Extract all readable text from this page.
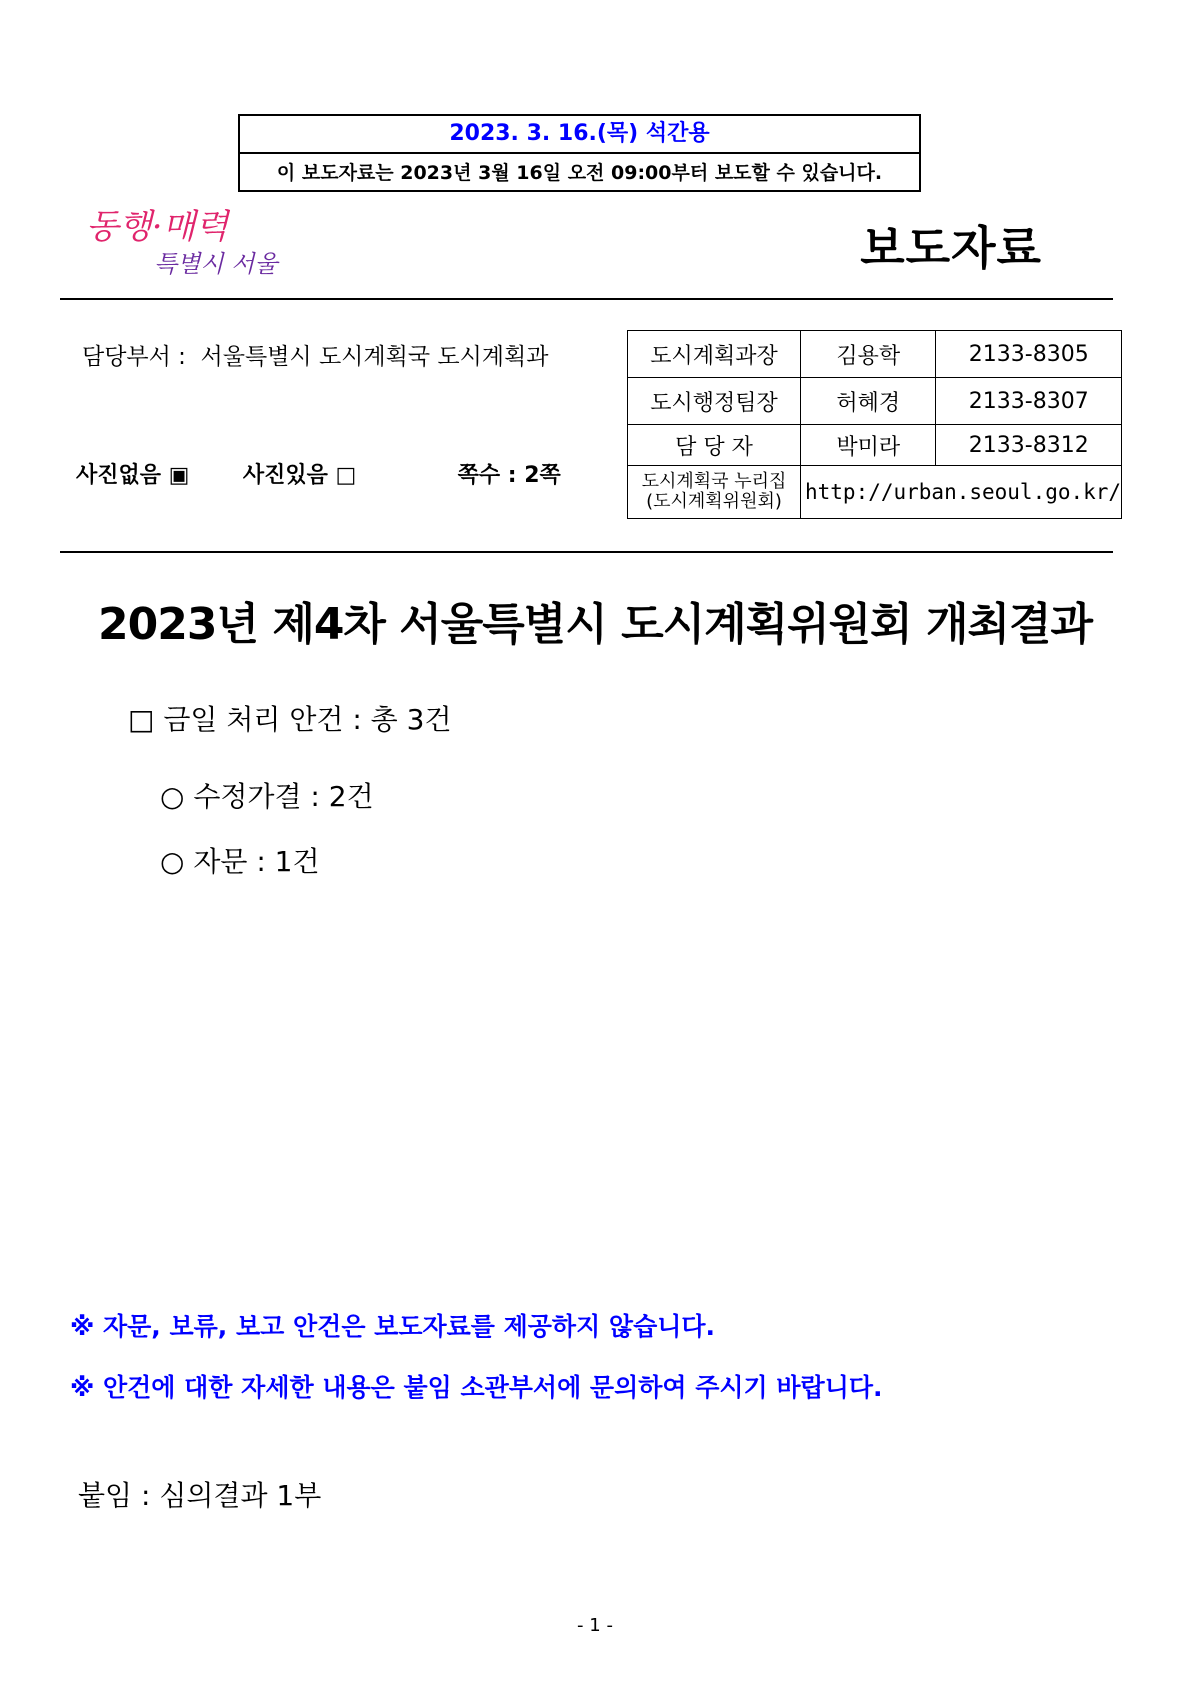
2023. 3. 16.(목) 석간용
이 보도자료는 2023년 3월 16일 오전 09:00부터 보도할 수 있습니다.
동행·매력
특별시 서울	보도자료
담당부서 :  서울특별시 도시계획국 도시계획과
사진없음 ▣ 사진있음 □	쪽수 : 2쪽
도시계획과장	김용학	2133-8305
도시행정팀장	허혜경	2133-8307
담 당 자	박미라	2133-8312

도시계획국 누리집
(도시계획위원회)	http://urban.seoul.go.kr/	
2023년 제4차 서울특별시 도시계획위원회 개최결과
□ 금일 처리 안건 : 총 3건
○ 수정가결 : 2건
○ 자문 : 1건
※ 자문, 보류, 보고 안건은 보도자료를 제공하지 않습니다.
※ 안건에 대한 자세한 내용은 붙임 소관부서에 문의하여 주시기 바랍니다.
붙임 : 심의결과 1부
- 1 -
